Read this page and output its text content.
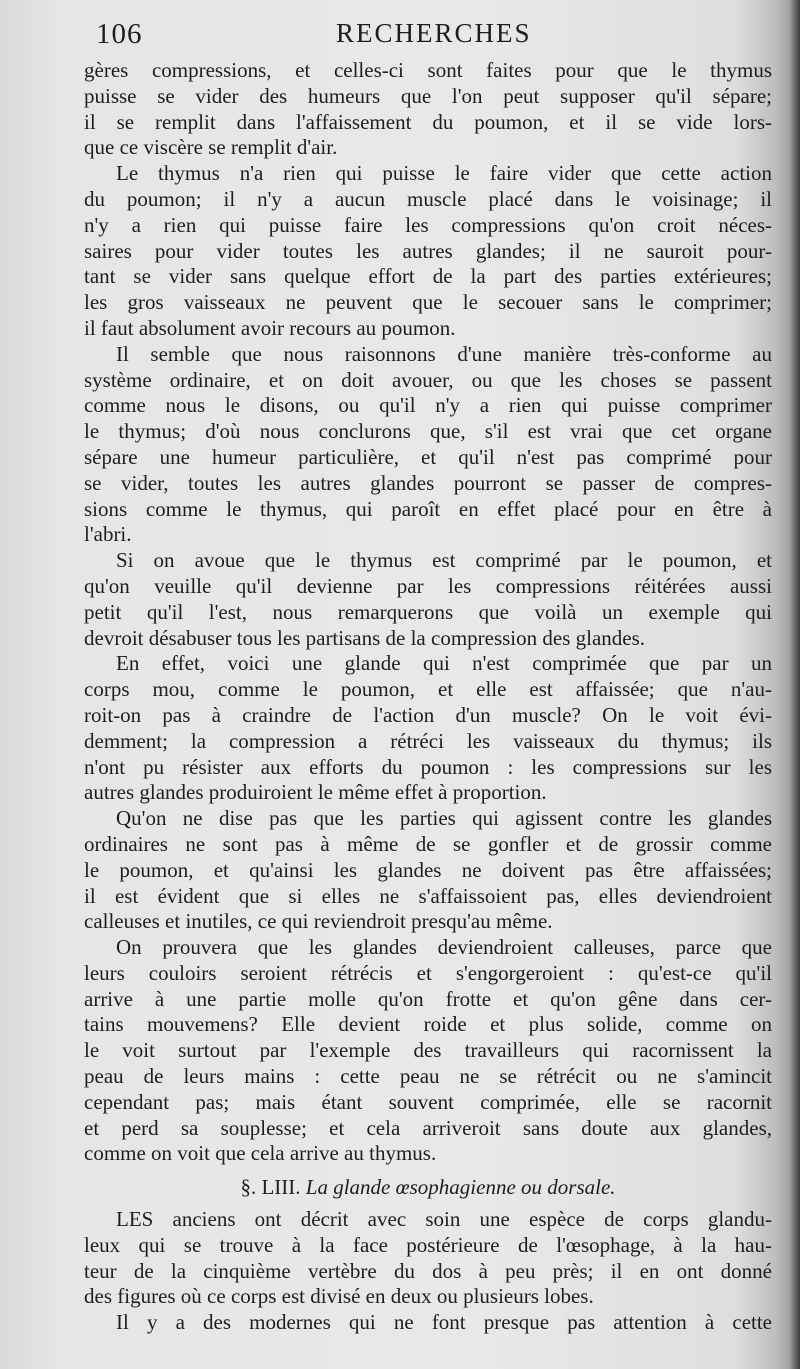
106	RECHERCHES
gères compressions, et celles-ci sont faites pour que le thymus
puisse se vider des humeurs que l'on peut supposer qu'il sépare;
il se remplit dans l'affaissement du poumon, et il se vide lors-
que ce viscère se remplit d'air.
Le thymus n'a rien qui puisse le faire vider que cette action
du poumon; il n'y a aucun muscle placé dans le voisinage; il
n'y a rien qui puisse faire les compressions qu'on croit néces-
saires pour vider toutes les autres glandes; il ne sauroit pour-
tant se vider sans quelque effort de la part des parties extérieures;
les gros vaisseaux ne peuvent que le secouer sans le comprimer;
il faut absolument avoir recours au poumon.
Il semble que nous raisonnons d'une manière très-conforme au
système ordinaire, et on doit avouer, ou que les choses se passent
comme nous le disons, ou qu'il n'y a rien qui puisse comprimer
le thymus; d'où nous conclurons que, s'il est vrai que cet organe
sépare une humeur particulière, et qu'il n'est pas comprimé pour
se vider, toutes les autres glandes pourront se passer de compres-
sions comme le thymus, qui paroît en effet placé pour en être à
l'abri.
Si on avoue que le thymus est comprimé par le poumon, et
qu'on veuille qu'il devienne par les compressions réitérées aussi
petit qu'il l'est, nous remarquerons que voilà un exemple qui
devroit désabuser tous les partisans de la compression des glandes.
En effet, voici une glande qui n'est comprimée que par un
corps mou, comme le poumon, et elle est affaissée; que n'au-
roit-on pas à craindre de l'action d'un muscle? On le voit évi-
demment; la compression a rétréci les vaisseaux du thymus; ils
n'ont pu résister aux efforts du poumon : les compressions sur les
autres glandes produiroient le même effet à proportion.
Qu'on ne dise pas que les parties qui agissent contre les glandes
ordinaires ne sont pas à même de se gonfler et de grossir comme
le poumon, et qu'ainsi les glandes ne doivent pas être affaissées;
il est évident que si elles ne s'affaissoient pas, elles deviendroient
calleuses et inutiles, ce qui reviendroit presqu'au même.
On prouvera que les glandes deviendroient calleuses, parce que
leurs couloirs seroient rétrécis et s'engorgeroient : qu'est-ce qu'il
arrive à une partie molle qu'on frotte et qu'on gêne dans cer-
tains mouvemens? Elle devient roide et plus solide, comme on
le voit surtout par l'exemple des travailleurs qui racornissent la
peau de leurs mains : cette peau ne se rétrécit ou ne s'amincit
cependant pas; mais étant souvent comprimée, elle se racornit
et perd sa souplesse; et cela arriveroit sans doute aux glandes,
comme on voit que cela arrive au thymus.
§. LIII. La glande œsophagienne ou dorsale.
LES anciens ont décrit avec soin une espèce de corps glandu-
leux qui se trouve à la face postérieure de l'œsophage, à la hau-
teur de la cinquième vertèbre du dos à peu près; il en ont donné
des figures où ce corps est divisé en deux ou plusieurs lobes.
Il y a des modernes qui ne font presque pas attention à cette
